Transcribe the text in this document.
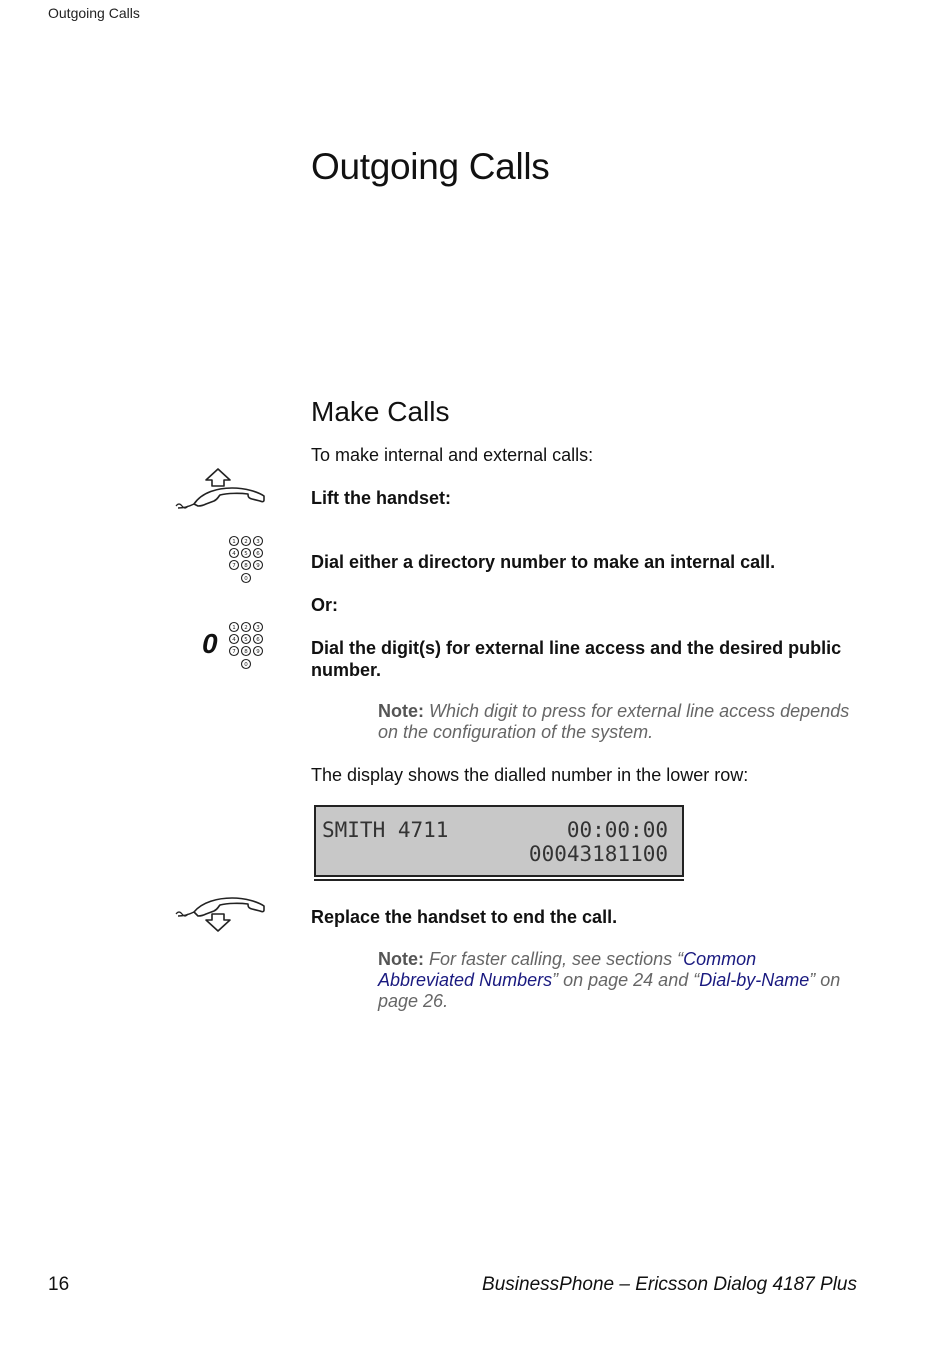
Outgoing Calls
Outgoing Calls
Make Calls
To make internal and external calls:
Lift the handset:
1 2 3
4 5 6
7 8 9
0
Dial either a directory number to make an internal call.
Or:
0	1 2 3
4 5 6
7 8 9
0
Dial the digit(s) for external line access and the desired public
number.
Note: Which digit to press for external line access depends
on the configuration of the system.
The display shows the dialled number in the lower row:
SMITH 4711	00:00:00
00043181100
Replace the handset to end the call.
Note: For faster calling, see sections “Common
Abbreviated Numbers” on page 24 and “Dial-by-Name” on
page 26.
16	BusinessPhone – Ericsson Dialog 4187 Plus
